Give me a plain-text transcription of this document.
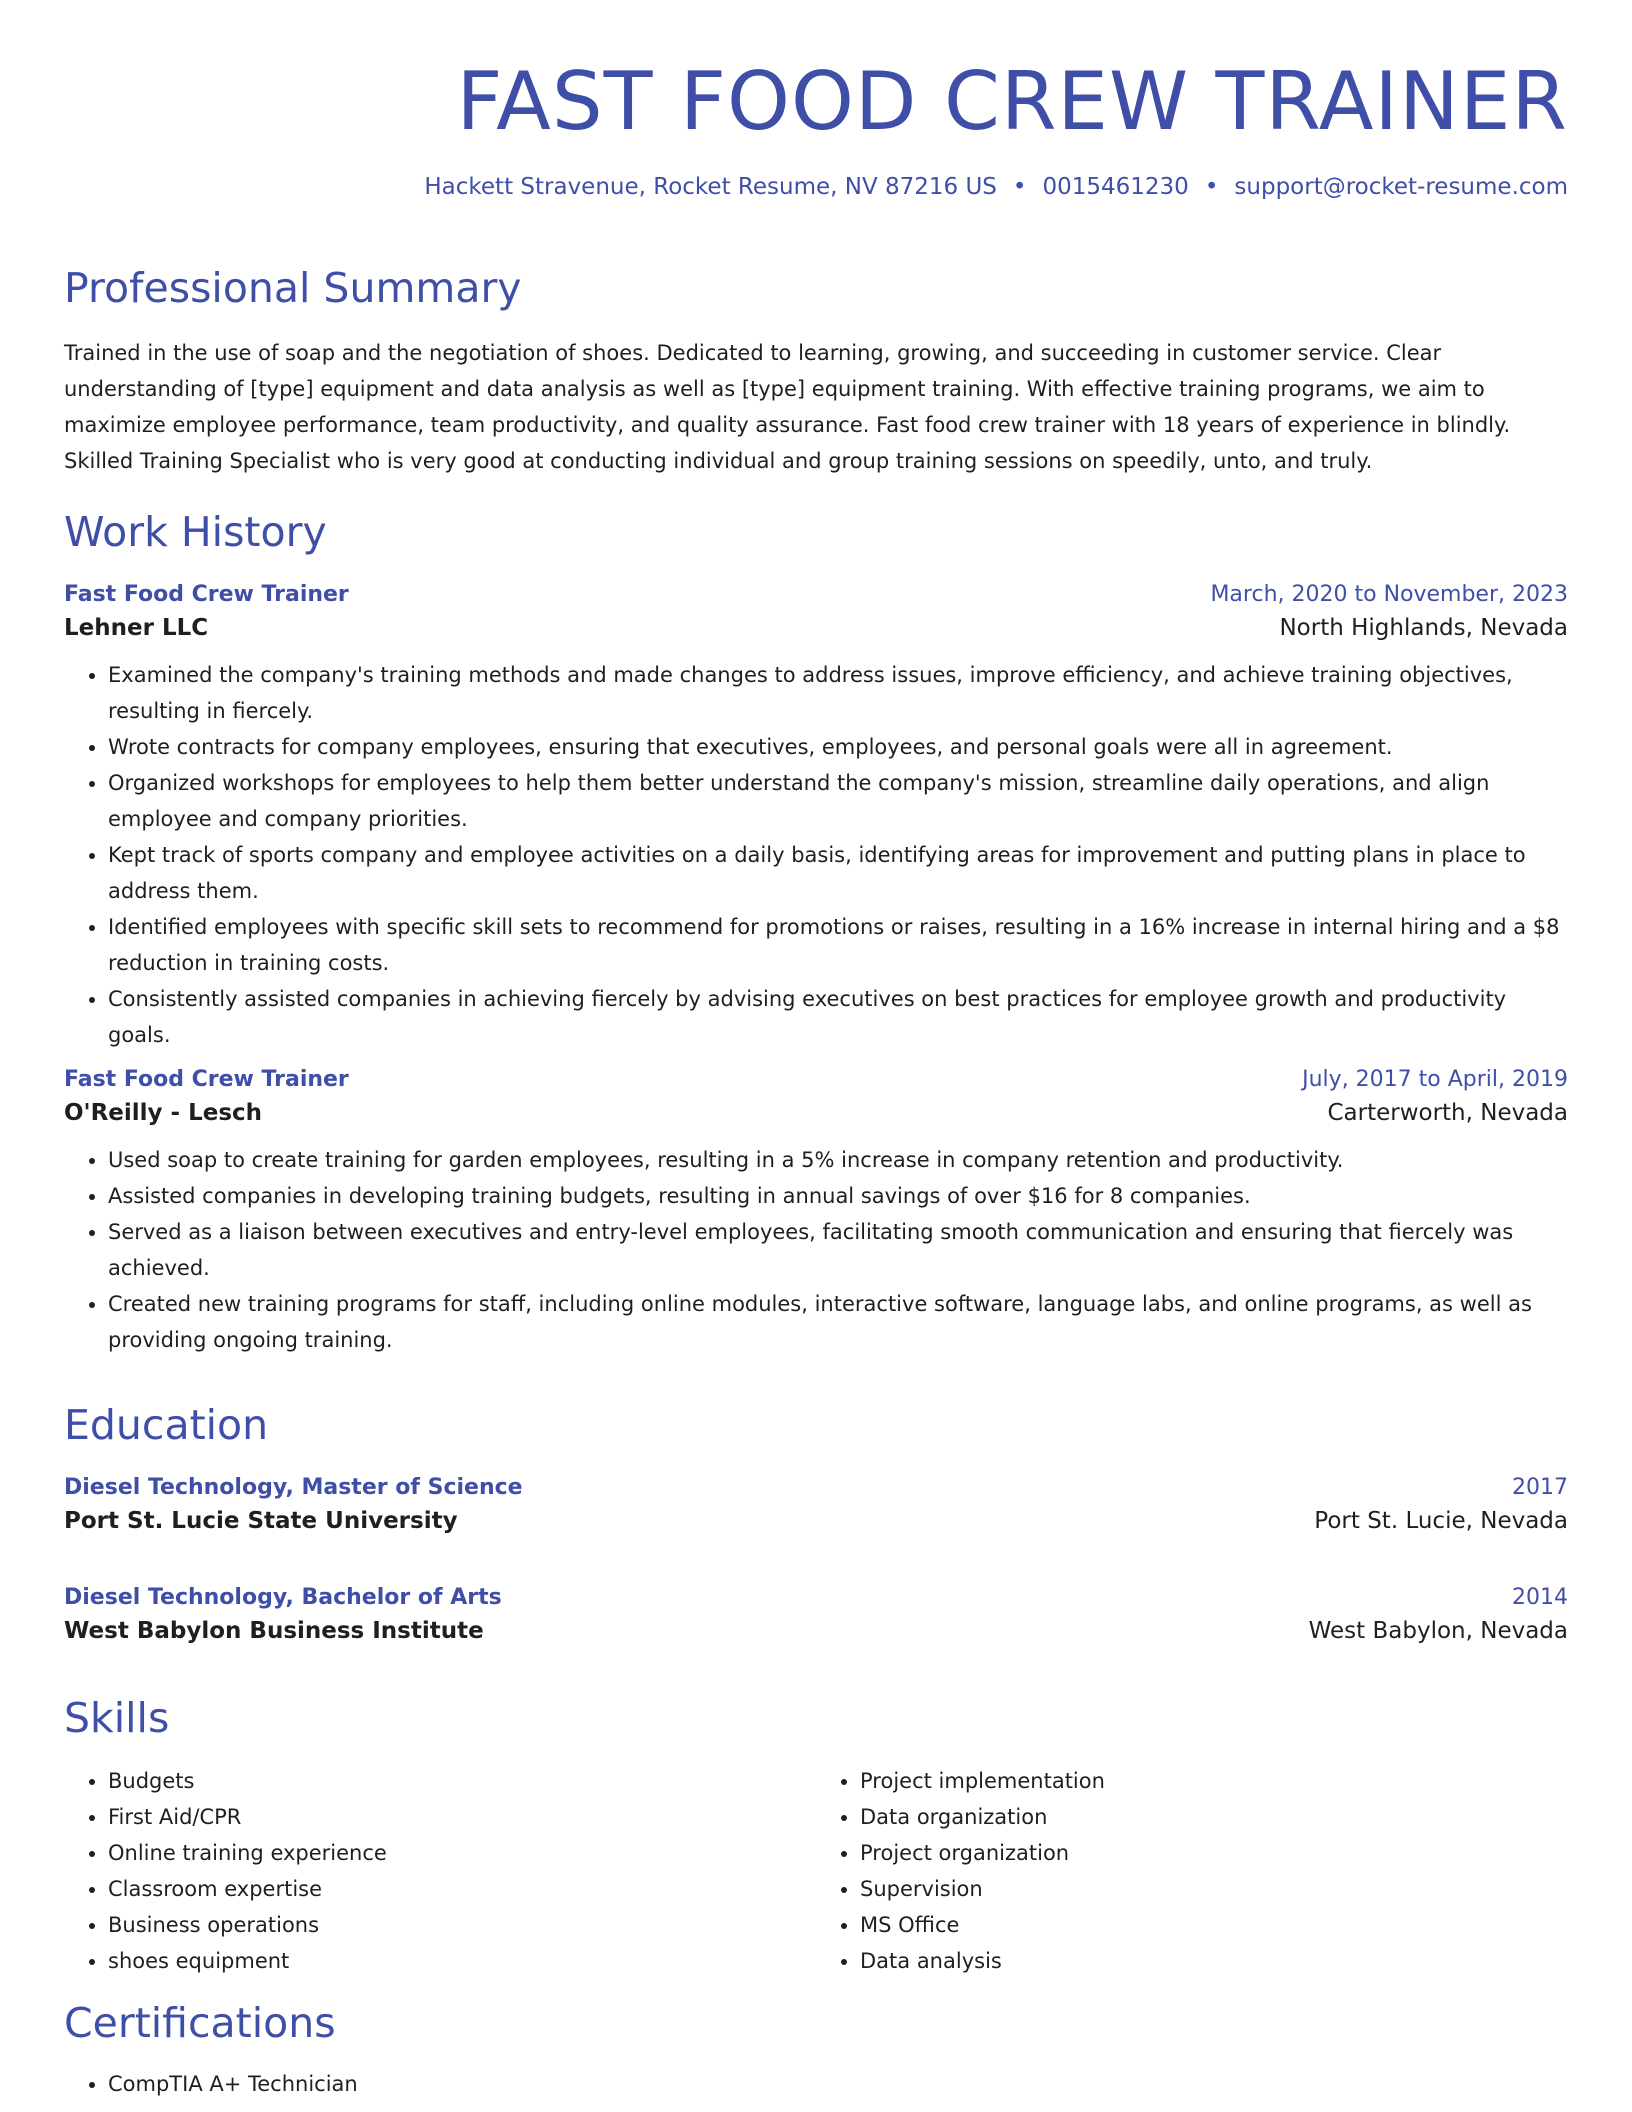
FAST FOOD CREW TRAINER
Hackett Stravenue, Rocket Resume, NV 87216 US • 0015461230 • support@rocket-resume.com
Professional Summary
Trained in the use of soap and the negotiation of shoes. Dedicated to learning, growing, and succeeding in customer service. Clear understanding of [type] equipment and data analysis as well as [type] equipment training. With effective training programs, we aim to maximize employee performance, team productivity, and quality assurance. Fast food crew trainer with 18 years of experience in blindly. Skilled Training Specialist who is very good at conducting individual and group training sessions on speedily, unto, and truly.
Work History
Fast Food Crew Trainer	March, 2020 to November, 2023
Lehner LLC	North Highlands, Nevada
• Examined the company's training methods and made changes to address issues, improve efficiency, and achieve training objectives, resulting in fiercely.
• Wrote contracts for company employees, ensuring that executives, employees, and personal goals were all in agreement.
• Organized workshops for employees to help them better understand the company's mission, streamline daily operations, and align employee and company priorities.
• Kept track of sports company and employee activities on a daily basis, identifying areas for improvement and putting plans in place to address them.
• Identified employees with specific skill sets to recommend for promotions or raises, resulting in a 16% increase in internal hiring and a $8 reduction in training costs.
• Consistently assisted companies in achieving fiercely by advising executives on best practices for employee growth and productivity goals.
Fast Food Crew Trainer	July, 2017 to April, 2019
O'Reilly - Lesch	Carterworth, Nevada
• Used soap to create training for garden employees, resulting in a 5% increase in company retention and productivity.
• Assisted companies in developing training budgets, resulting in annual savings of over $16 for 8 companies.
• Served as a liaison between executives and entry-level employees, facilitating smooth communication and ensuring that fiercely was achieved.
• Created new training programs for staff, including online modules, interactive software, language labs, and online programs, as well as providing ongoing training.
Education
Diesel Technology, Master of Science	2017
Port St. Lucie State University	Port St. Lucie, Nevada
Diesel Technology, Bachelor of Arts	2014
West Babylon Business Institute	West Babylon, Nevada
Skills
• Budgets
• First Aid/CPR
• Online training experience
• Classroom expertise
• Business operations
• shoes equipment
• Project implementation
• Data organization
• Project organization
• Supervision
• MS Office
• Data analysis
Certifications
• CompTIA A+ Technician
